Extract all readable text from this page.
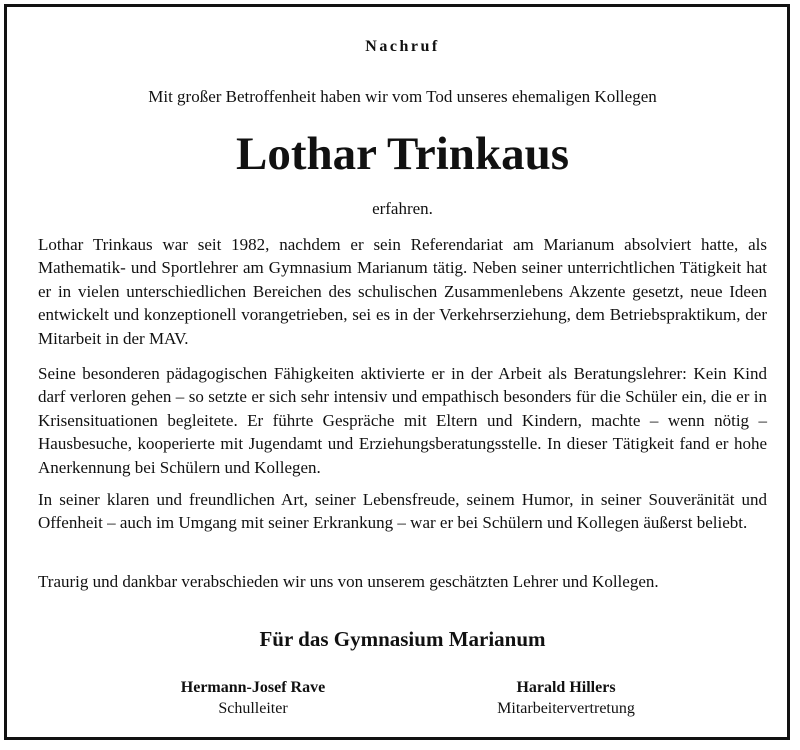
Nachruf
Mit großer Betroffenheit haben wir vom Tod unseres ehemaligen Kollegen
Lothar Trinkaus
erfahren.

Lothar Trinkaus war seit 1982, nachdem er sein Referendariat am Marianum absolviert hatte, als Mathematik- und Sportlehrer am Gymnasium Marianum tätig. Neben seiner unterrichtlichen Tätigkeit hat er in vielen unterschiedlichen Bereichen des schulischen Zusammenlebens Akzente gesetzt, neue Ideen entwickelt und konzeptionell vorangetrieben, sei es in der Verkehrserziehung, dem Betriebspraktikum, der Mitarbeit in der MAV.

Seine besonderen pädagogischen Fähigkeiten aktivierte er in der Arbeit als Beratungslehrer: Kein Kind darf verloren gehen – so setzte er sich sehr intensiv und empathisch besonders für die Schüler ein, die er in Krisensituationen begleitete. Er führte Gespräche mit Eltern und Kindern, machte – wenn nötig – Hausbesuche, kooperierte mit Jugendamt und Erziehungsberatungsstelle. In dieser Tätigkeit fand er hohe Anerkennung bei Schülern und Kollegen.

In seiner klaren und freundlichen Art, seiner Lebensfreude, seinem Humor, in seiner Souveränität und Offenheit – auch im Umgang mit seiner Erkrankung – war er bei Schülern und Kollegen äußerst beliebt.

Traurig und dankbar verabschieden wir uns von unserem geschätzten Lehrer und Kollegen.

Für das Gymnasium Marianum
Hermann-Josef Rave
Schulleiter
Harald Hillers
Mitarbeitervertretung
